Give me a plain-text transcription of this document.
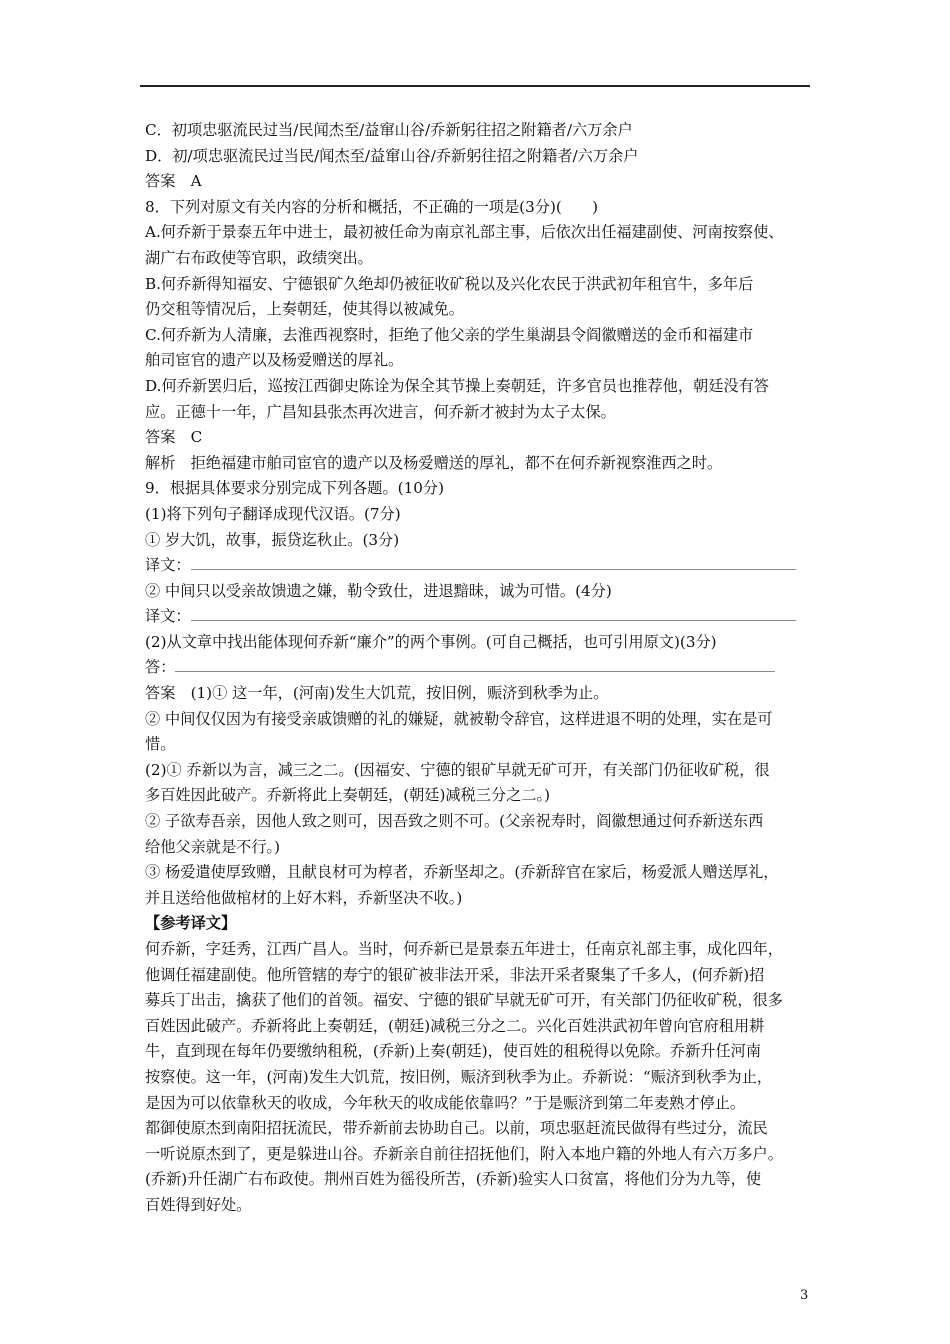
C．初项忠驱流民过当/民闻杰至/益窜山谷/乔新躬往招之附籍者/六万余户
D．初/项忠驱流民过当民/闻杰至/益窜山谷/乔新躬往招之附籍者/六万余户
答案　A
8．下列对原文有关内容的分析和概括，不正确的一项是(3分)(　　)
A.何乔新于景泰五年中进士，最初被任命为南京礼部主事，后依次出任福建副使、河南按察使、
湖广右布政使等官职，政绩突出。
B.何乔新得知福安、宁德银矿久绝却仍被征收矿税以及兴化农民于洪武初年租官牛，多年后
仍交租等情况后，上奏朝廷，使其得以被减免。
C.何乔新为人清廉，去淮西视察时，拒绝了他父亲的学生巢湖县令阎徽赠送的金币和福建市
舶司宦官的遗产以及杨爱赠送的厚礼。
D.何乔新罢归后，巡按江西御史陈诠为保全其节操上奏朝廷，许多官员也推荐他，朝廷没有答
应。正德十一年，广昌知县张杰再次进言，何乔新才被封为太子太保。
答案　C
解析　拒绝福建市舶司宦官的遗产以及杨爱赠送的厚礼，都不在何乔新视察淮西之时。
9．根据具体要求分别完成下列各题。(10分)
(1)将下列句子翻译成现代汉语。(7分)
① 岁大饥，故事，振贷迄秋止。(3分)
译文：
② 中间只以受亲故馈遗之嫌，勒令致仕，进退黯昧，诚为可惜。(4分)
译文：
(2)从文章中找出能体现何乔新“廉介”的两个事例。(可自己概括，也可引用原文)(3分)
答：
答案　(1)① 这一年，(河南)发生大饥荒，按旧例，赈济到秋季为止。
② 中间仅仅因为有接受亲戚馈赠的礼的嫌疑，就被勒令辞官，这样进退不明的处理，实在是可
惜。
(2)① 乔新以为言，减三之二。(因福安、宁德的银矿早就无矿可开，有关部门仍征收矿税，很
多百姓因此破产。乔新将此上奏朝廷，(朝廷)减税三分之二。)
② 子欲寿吾亲，因他人致之则可，因吾致之则不可。(父亲祝寿时，阎徽想通过何乔新送东西
给他父亲就是不行。)
③ 杨爱遣使厚致赠，且献良材可为椁者，乔新坚却之。(乔新辞官在家后，杨爱派人赠送厚礼，
并且送给他做棺材的上好木料，乔新坚决不收。)
【参考译文】
何乔新，字廷秀，江西广昌人。当时，何乔新已是景泰五年进士，任南京礼部主事，成化四年，
他调任福建副使。他所管辖的寿宁的银矿被非法开采，非法开采者聚集了千多人，(何乔新)招
募兵丁出击，擒获了他们的首领。福安、宁德的银矿早就无矿可开，有关部门仍征收矿税，很多
百姓因此破产。乔新将此上奏朝廷，(朝廷)减税三分之二。兴化百姓洪武初年曾向官府租用耕
牛，直到现在每年仍要缴纳租税，(乔新)上奏(朝廷)，使百姓的租税得以免除。乔新升任河南
按察使。这一年，(河南)发生大饥荒，按旧例，赈济到秋季为止。乔新说：“赈济到秋季为止，
是因为可以依靠秋天的收成，今年秋天的收成能依靠吗？”于是赈济到第二年麦熟才停止。
都御使原杰到南阳招抚流民，带乔新前去协助自己。以前，项忠驱赶流民做得有些过分，流民
一听说原杰到了，更是躲进山谷。乔新亲自前往招抚他们，附入本地户籍的外地人有六万多户。
(乔新)升任湖广右布政使。荆州百姓为徭役所苦，(乔新)验实人口贫富，将他们分为九等，使
百姓得到好处。
3
